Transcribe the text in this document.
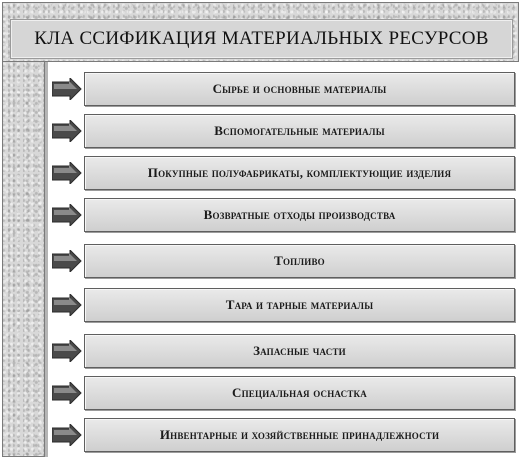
КЛА ССИФИКАЦИЯ МАТЕРИАЛЬНЫХ РЕСУРСОВ
Сырье и основные материалы
Вспомогательные материалы
Покупные полуфабрикаты, комплектующие изделия
Возвратные отходы производства
Топливо
Тара и тарные материалы
Запасные части
Специальная оснастка
Инвентарные и хозяйственные принадлежности
